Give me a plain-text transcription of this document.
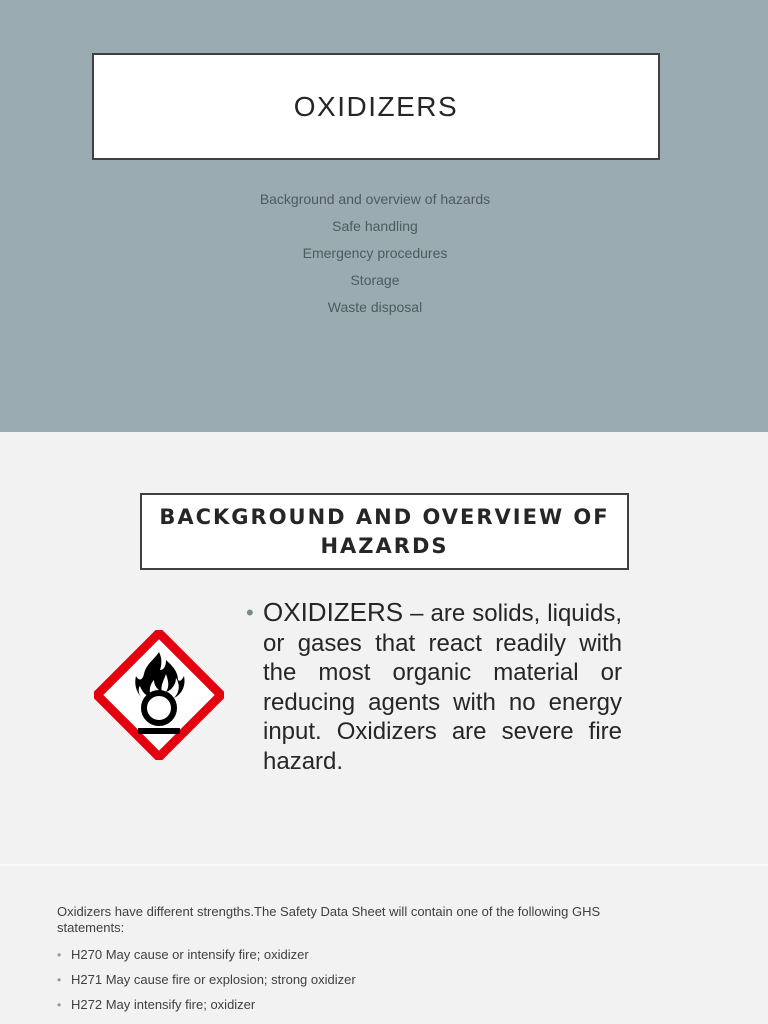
OXIDIZERS
Background and overview of hazards
Safe handling
Emergency procedures
Storage
Waste disposal
BACKGROUND AND OVERVIEW OF HAZARDS
• OXIDIZERS – are solids, liquids, or gases that react readily with the most organic material or reducing agents with no energy input. Oxidizers are severe fire hazard.
Oxidizers have different strengths.The Safety Data Sheet will contain one of the following GHS statements:
• H270 May cause or intensify fire; oxidizer
• H271 May cause fire or explosion; strong oxidizer
• H272 May intensify fire; oxidizer
